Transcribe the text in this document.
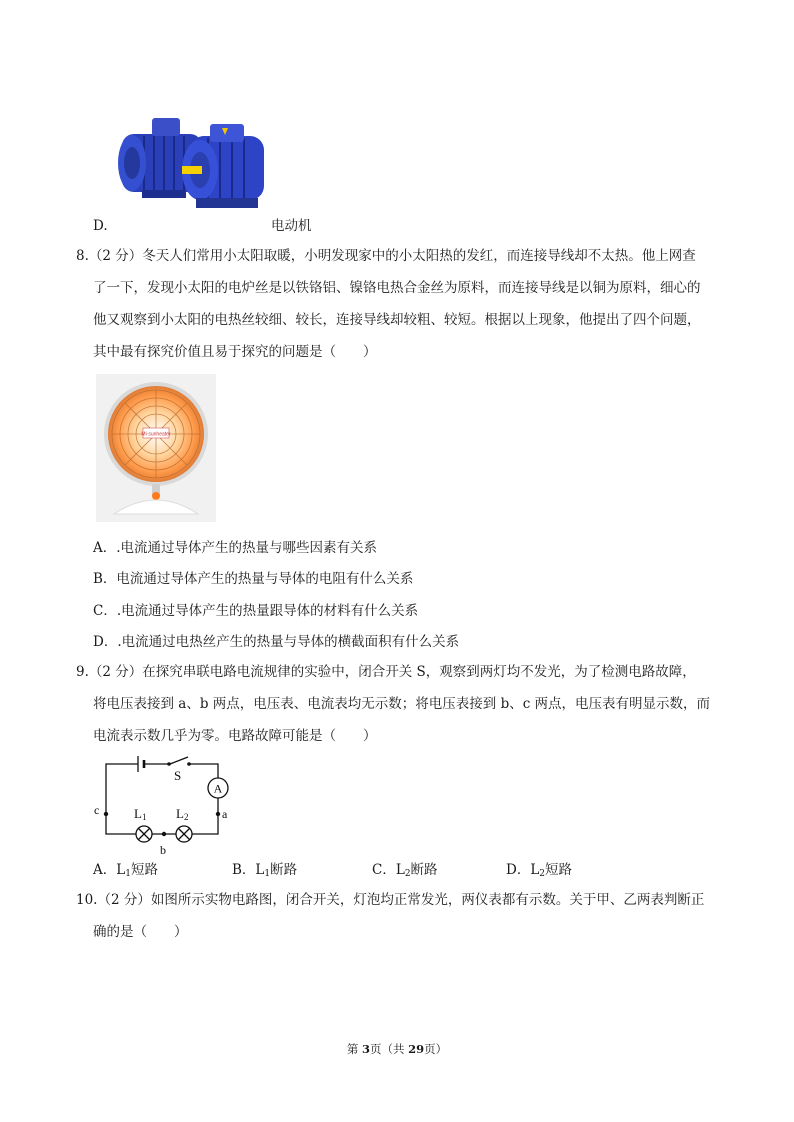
D.	电动机
8.（2 分）冬天人们常用小太阳取暖，小明发现家中的小太阳热的发红，而连接导线却不太热。他上网查
了一下，发现小太阳的电炉丝是以铁铬铝、镍铬电热合金丝为原料，而连接导线是以铜为原料，细心的
他又观察到小太阳的电热丝较细、较长，连接导线却较粗、较短。根据以上现象，他提出了四个问题，
其中最有探究价值且易于探究的问题是（　　）
Mi·sunheater
A．.电流通过导体产生的热量与哪些因素有关系
B．电流通过导体产生的热量与导体的电阻有什么关系
C．.电流通过导体产生的热量跟导体的材料有什么关系
D．.电流通过电热丝产生的热量与导体的横截面积有什么关系
9.（2 分）在探究串联电路电流规律的实验中，闭合开关 S，观察到两灯均不发光，为了检测电路故障，
将电压表接到 a、b 两点，电压表、电流表均无示数；将电压表接到 b、c 两点，电压表有明显示数，而
电流表示数几乎为零。电路故障可能是（　　）
S
A
a
b
c	L1 L2
A．$L_1$短路	B．$L_1$断路	C．$L_2$断路	D．$L_2$短路
10.（2 分）如图所示实物电路图，闭合开关，灯泡均正常发光，两仪表都有示数。关于甲、乙两表判断正
确的是（　　）
第 3页（共 29页）
